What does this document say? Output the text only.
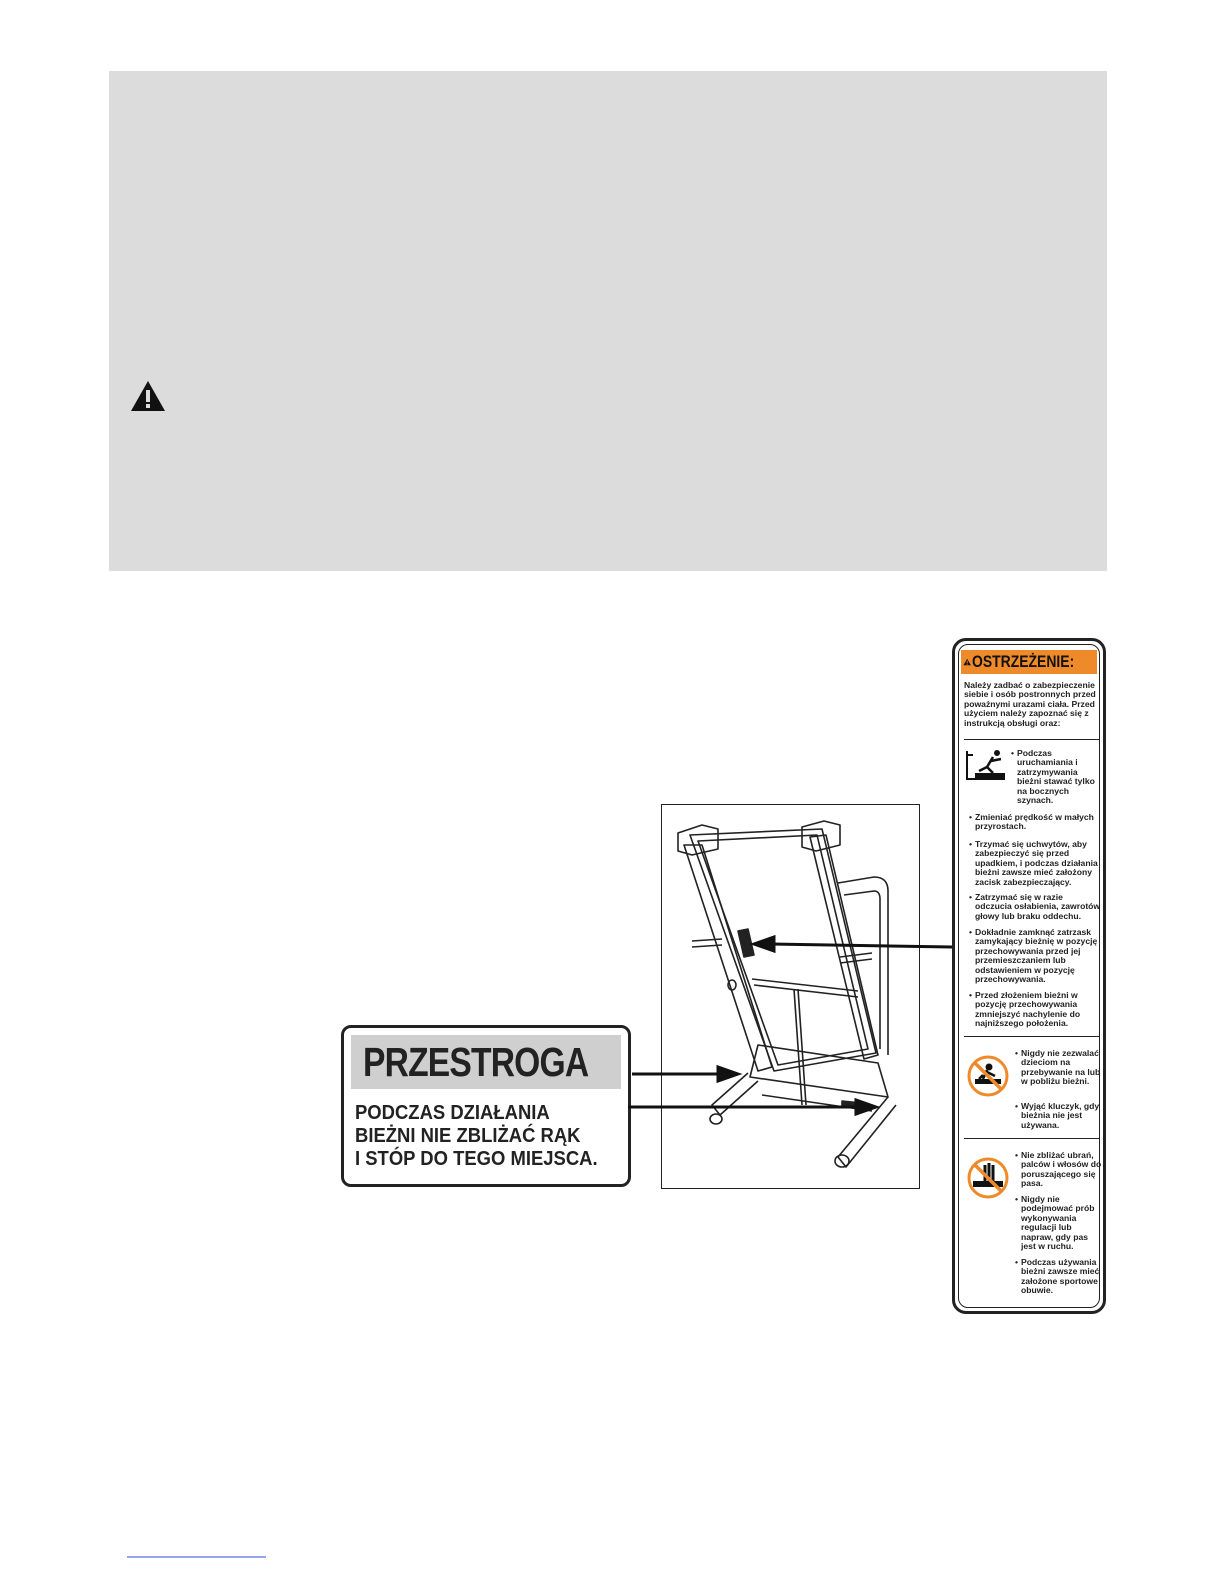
PRZESTROGA
PODCZAS DZIAŁANIA
BIEŻNI NIE ZBLIŻAĆ RĄK
I STÓP DO TEGO MIEJSCA.
OSTRZEŻENIE:
Należy zadbać o zabezpieczenie siebie i osób postronnych przed poważnymi urazami ciała. Przed użyciem należy zapoznać się z instrukcją obsługi oraz:
• Podczas uruchamiania i zatrzymywania bieżni stawać tylko na bocznych szynach.
• Zmieniać prędkość w małych przyrostach.
• Trzymać się uchwytów, aby zabezpieczyć się przed upadkiem, i podczas działania bieżni zawsze mieć założony zacisk zabezpieczający.
• Zatrzymać się w razie odczucia osłabienia, zawrotów głowy lub braku oddechu.
• Dokładnie zamknąć zatrzask zamykający bieżnię w pozycję przechowywania przed jej przemieszczaniem lub odstawieniem w pozycję przechowywania.
• Przed złożeniem bieżni w pozycję przechowywania zmniejszyć nachylenie do najniższego położenia.
• Nigdy nie zezwalać dzieciom na przebywanie na lub w pobliżu bieżni.
• Wyjąć kluczyk, gdy bieżnia nie jest używana.
• Nie zbliżać ubrań, palców i włosów do poruszającego się pasa.
• Nigdy nie podejmować prób wykonywania regulacji lub napraw, gdy pas jest w ruchu.
• Podczas używania bieżni zawsze mieć założone sportowe obuwie.
